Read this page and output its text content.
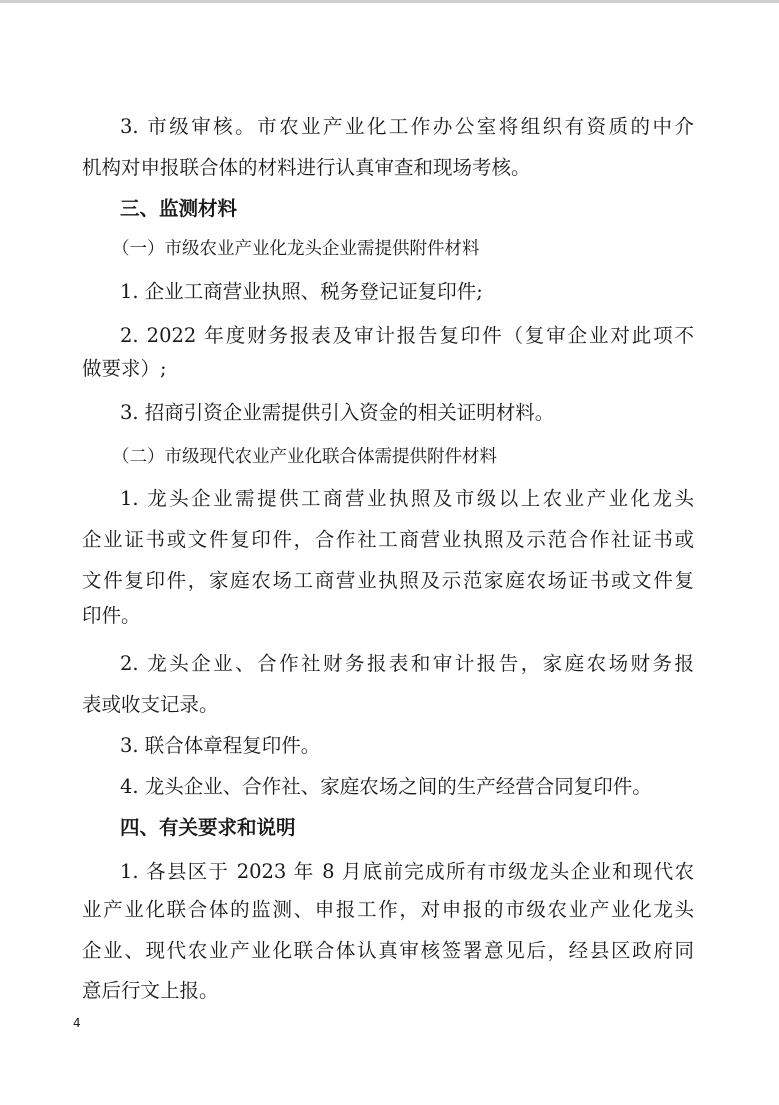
3. 市级审核。市农业产业化工作办公室将组织有资质的中介
机构对申报联合体的材料进行认真审查和现场考核。
三、监测材料
（一）市级农业产业化龙头企业需提供附件材料
1. 企业工商营业执照、税务登记证复印件;
2. 2022 年度财务报表及审计报告复印件（复审企业对此项不
做要求）;
3. 招商引资企业需提供引入资金的相关证明材料。
（二）市级现代农业产业化联合体需提供附件材料
1. 龙头企业需提供工商营业执照及市级以上农业产业化龙头
企业证书或文件复印件，合作社工商营业执照及示范合作社证书或
文件复印件，家庭农场工商营业执照及示范家庭农场证书或文件复
印件。
2. 龙头企业、合作社财务报表和审计报告，家庭农场财务报
表或收支记录。
3. 联合体章程复印件。
4. 龙头企业、合作社、家庭农场之间的生产经营合同复印件。
四、有关要求和说明
1. 各县区于 2023 年 8 月底前完成所有市级龙头企业和现代农
业产业化联合体的监测、申报工作，对申报的市级农业产业化龙头
企业、现代农业产业化联合体认真审核签署意见后，经县区政府同
意后行文上报。
4
